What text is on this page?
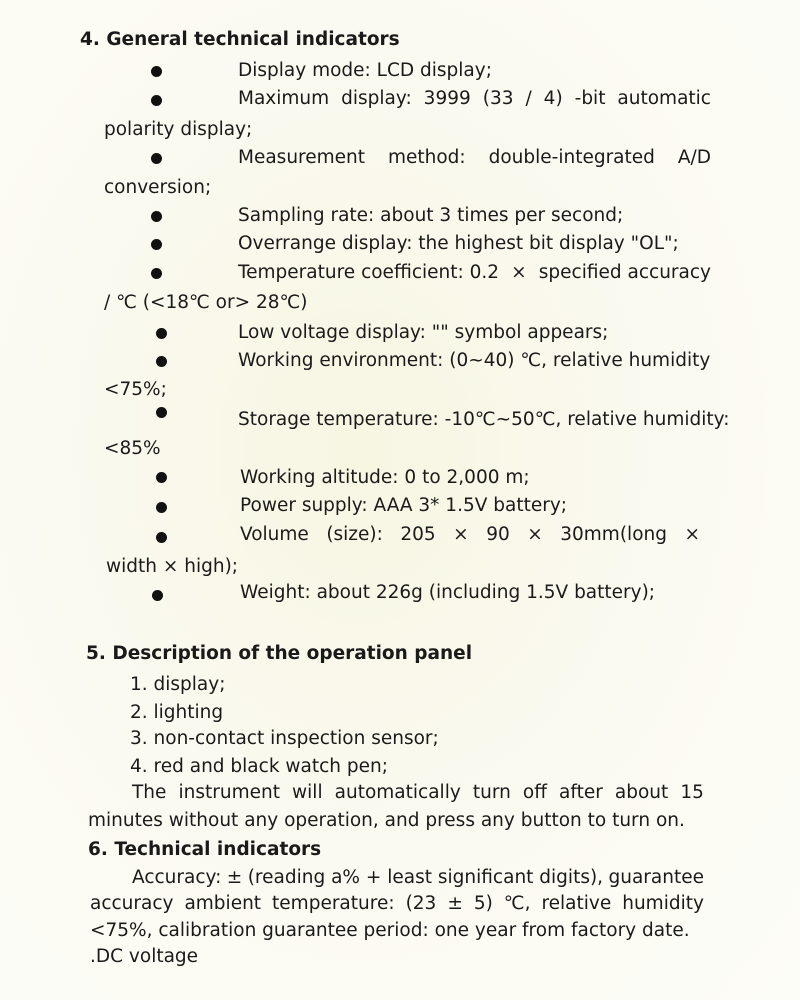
4. General technical indicators
Display mode: LCD display;
Maximum display: 3999 (33 / 4) -bit automatic
polarity display;
Measurement method: double-integrated A/D
conversion;
Sampling rate: about 3 times per second;
Overrange display: the highest bit display "OL";
Temperature coefficient: 0.2 × specified accuracy
/ ℃ (<18℃ or> 28℃)
Low voltage display: "" symbol appears;
Working environment: (0~40) ℃, relative humidity
<75%;
Storage temperature: -10℃~50℃, relative humidity:
<85%
Working altitude: 0 to 2,000 m;
Power supply: AAA 3* 1.5V battery;
Volume (size): 205 × 90 × 30mm(long ×
width × high);
Weight: about 226g (including 1.5V battery);
5. Description of the operation panel
1. display;
2. lighting
3. non-contact inspection sensor;
4. red and black watch pen;
The instrument will automatically turn off after about 15
minutes without any operation, and press any button to turn on.
6. Technical indicators
Accuracy: ± (reading a% + least significant digits), guarantee
accuracy ambient temperature: (23 ± 5) ℃, relative humidity
<75%, calibration guarantee period: one year from factory date.
.DC voltage
